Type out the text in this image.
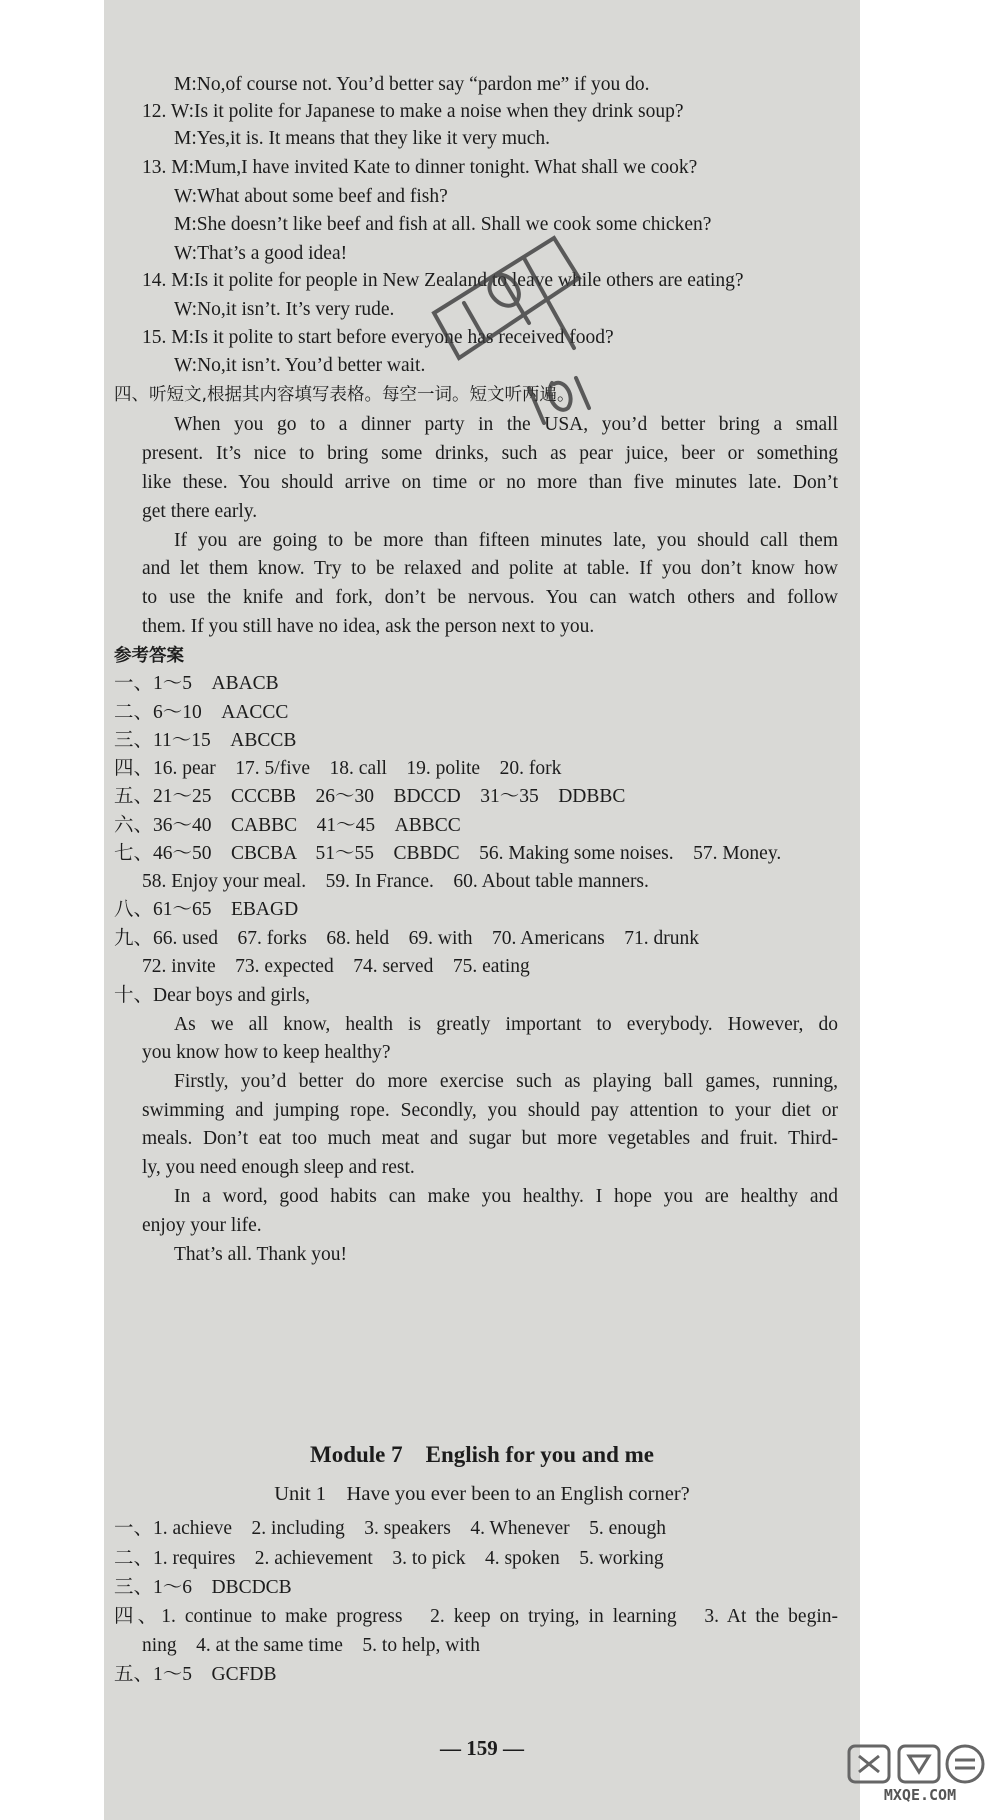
M:No,of course not. You’d better say “pardon me” if you do.
12. W:Is it polite for Japanese to make a noise when they drink soup?
M:Yes,it is. It means that they like it very much.
13. M:Mum,I have invited Kate to dinner tonight. What shall we cook?
W:What about some beef and fish?
M:She doesn’t like beef and fish at all. Shall we cook some chicken?
W:That’s a good idea!
14. M:Is it polite for people in New Zealand to leave while others are eating?
W:No,it isn’t. It’s very rude.
15. M:Is it polite to start before everyone has received food?
W:No,it isn’t. You’d better wait.
四、听短文,根据其内容填写表格。每空一词。短文听两遍。
When you go to a dinner party in the USA, you’d better bring a small
present. It’s nice to bring some drinks, such as pear juice, beer or something
like these. You should arrive on time or no more than five minutes late. Don’t
get there early.
If you are going to be more than fifteen minutes late, you should call them
and let them know. Try to be relaxed and polite at table. If you don’t know how
to use the knife and fork, don’t be nervous. You can watch others and follow
them. If you still have no idea, ask the person next to you.
参考答案
一、1～5　ABACB
二、6～10　AACCC
三、11～15　ABCCB
四、16. pear　17. 5/five　18. call　19. polite　20. fork
五、21～25　CCCBB　26～30　BDCCD　31～35　DDBBC
六、36～40　CABBC　41～45　ABBCC
七、46～50　CBCBA　51～55　CBBDC　56. Making some noises.　57. Money.
58. Enjoy your meal.　59. In France.　60. About table manners.
八、61～65　EBAGD
九、66. used　67. forks　68. held　69. with　70. Americans　71. drunk
72. invite　73. expected　74. served　75. eating
十、Dear boys and girls,
As we all know, health is greatly important to everybody. However, do
you know how to keep healthy?
Firstly, you’d better do more exercise such as playing ball games, running,
swimming and jumping rope. Secondly, you should pay attention to your diet or
meals. Don’t eat too much meat and sugar but more vegetables and fruit. Third-
ly, you need enough sleep and rest.
In a word, good habits can make you healthy. I hope you are healthy and
enjoy your life.
That’s all. Thank you!
Module 7　English for you and me
Unit 1　Have you ever been to an English corner?
一、1. achieve　2. including　3. speakers　4. Whenever　5. enough
二、1. requires　2. achievement　3. to pick　4. spoken　5. working
三、1～6　DBCDCB
四、1. continue to make progress　2. keep on trying, in learning　3. At the begin-
ning　4. at the same time　5. to help, with
五、1～5　GCFDB
— 159 —
MXQE.COM
